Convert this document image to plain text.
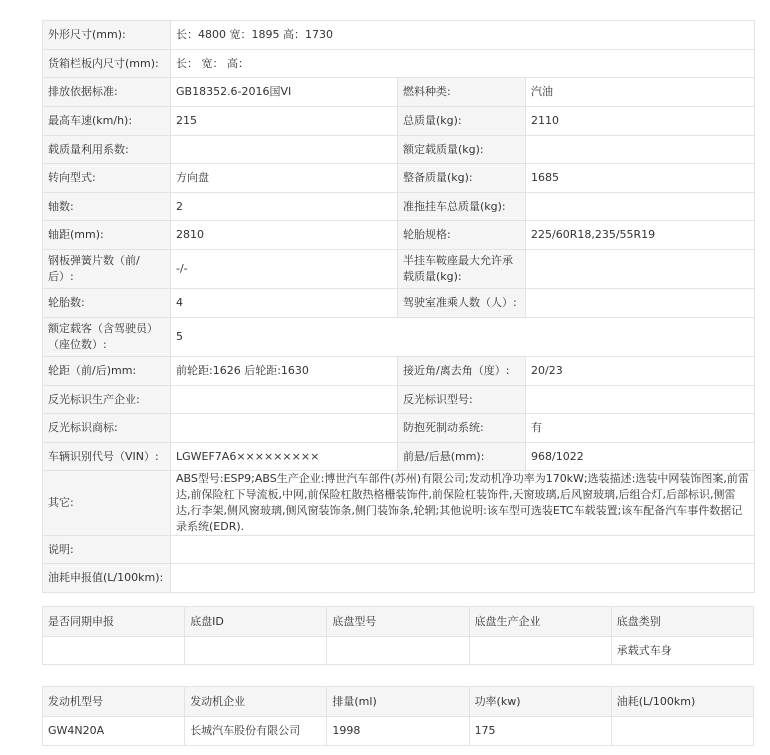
外形尺寸(mm):	长：4800 宽：1895 高：1730		
货箱栏板内尺寸(mm):	长： 宽： 高：		
排放依据标准:	GB18352.6-2016国VI	燃料种类:	汽油
最高车速(km/h):	215	总质量(kg):	2110
载质量利用系数:		额定载质量(kg):	
转向型式:	方向盘	整备质量(kg):	1685
轴数:	2	准拖挂车总质量(kg):	
轴距(mm):	2810	轮胎规格:	225/60R18,235/55R19
钢板弹簧片数（前/后）:	-/-	半挂车鞍座最大允许承载质量(kg):	
轮胎数:	4	驾驶室准乘人数（人）:	
额定载客（含驾驶员）（座位数）:	5		
轮距（前/后)mm:	前轮距:1626 后轮距:1630	接近角/离去角（度）:	20/23
反光标识生产企业:		反光标识型号:	
反光标识商标:		防抱死制动系统:	有
车辆识别代号（VIN）:	LGWEF7A6×××××××××	前悬/后悬(mm):	968/1022
其它:	ABS型号:ESP9;ABS生产企业:博世汽车部件(苏州)有限公司;发动机净功率为170kW;选装描述:选装中网装饰图案,前雷达,前保险杠下导流板,中网,前保险杠散热格栅装饰件,前保险杠装饰件,天窗玻璃,后风窗玻璃,后组合灯,后部标识,侧雷达,行李架,侧风窗玻璃,侧风窗装饰条,侧门装饰条,轮辋;其他说明:该车型可选装ETC车载装置;该车配备汽车事件数据记录系统(EDR).		
说明:			
油耗申报值(L/100km):			
是否同期申报	底盘ID	底盘型号	底盘生产企业	底盘类别
				承载式车身
发动机型号	发动机企业	排量(ml)	功率(kw)	油耗(L/100km)
GW4N20A	长城汽车股份有限公司	1998	175	
